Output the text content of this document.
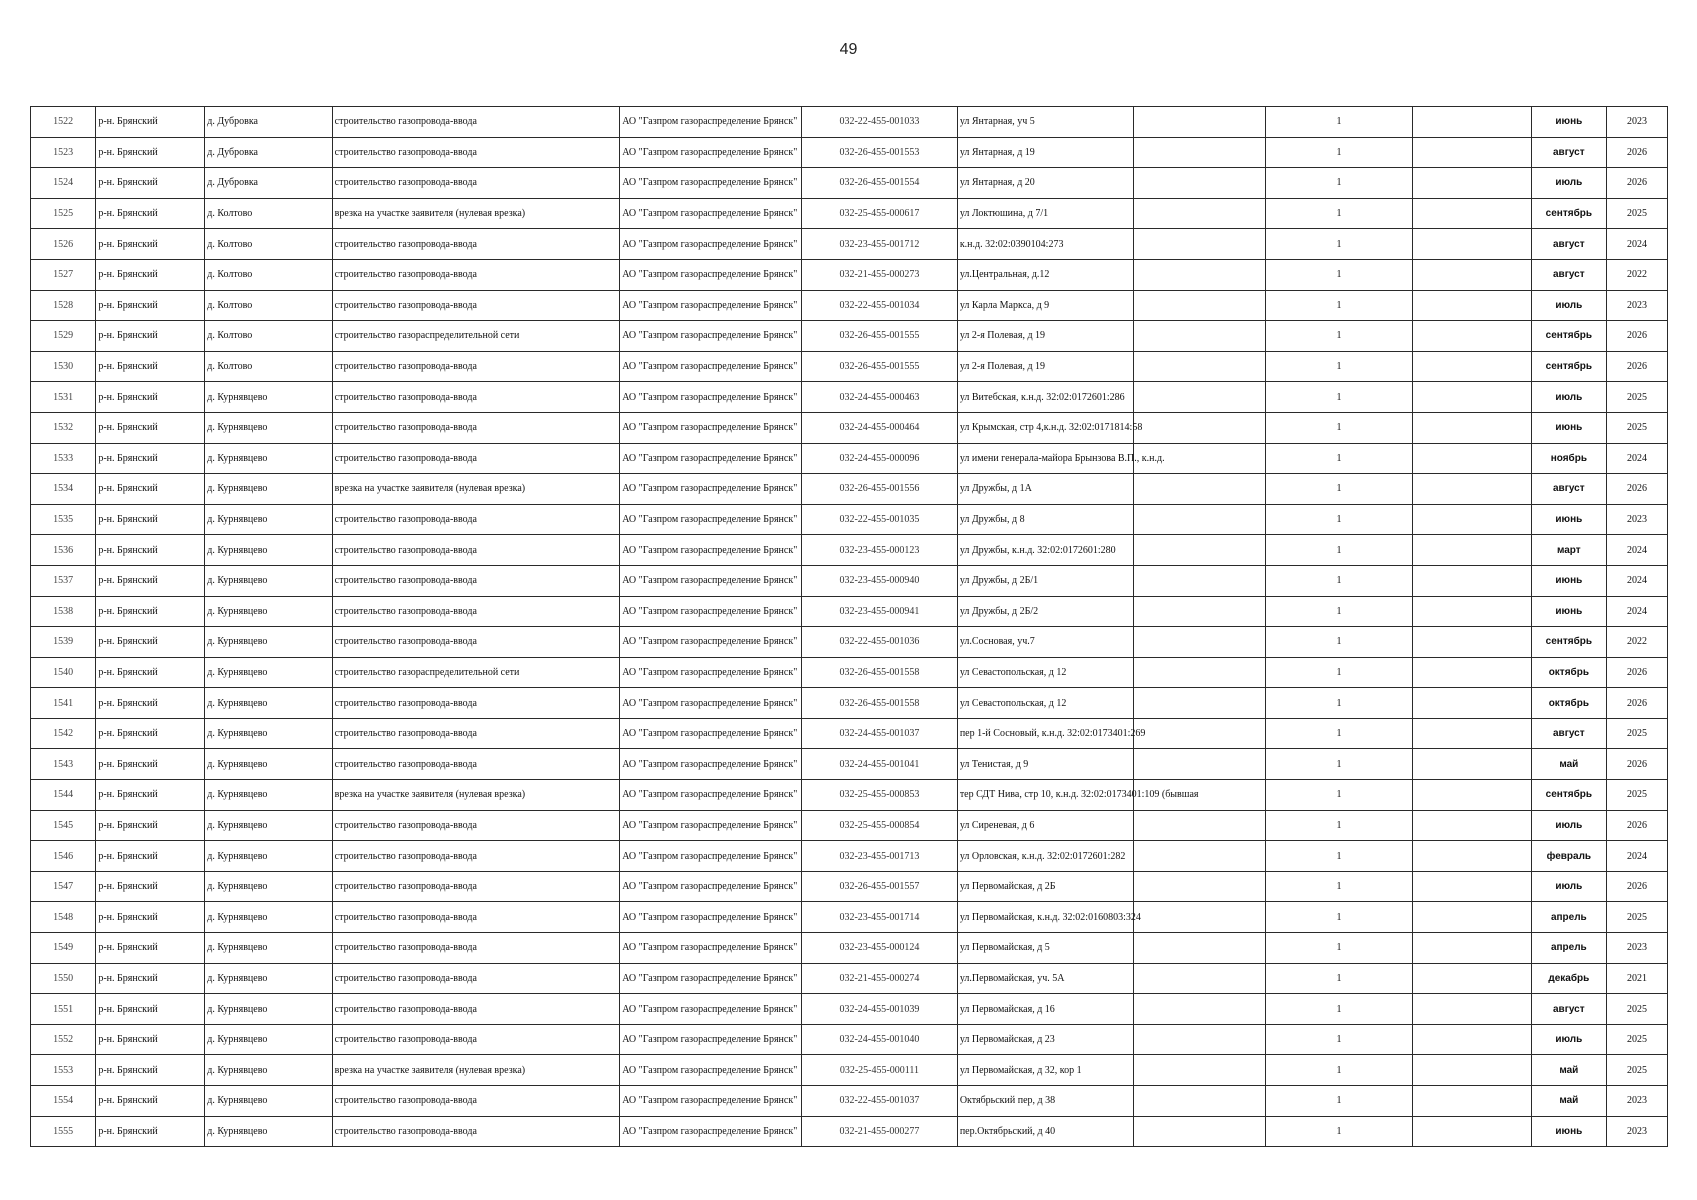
49
1522	р-н. Брянский	д. Дубровка	строительство газопровода-ввода	АО "Газпром газораспределение Брянск"	032-22-455-001033	ул Янтарная, уч 5		1		июнь	2023
1523	р-н. Брянский	д. Дубровка	строительство газопровода-ввода	АО "Газпром газораспределение Брянск"	032-26-455-001553	ул Янтарная, д 19		1		август	2026
1524	р-н. Брянский	д. Дубровка	строительство газопровода-ввода	АО "Газпром газораспределение Брянск"	032-26-455-001554	ул Янтарная, д 20		1		июль	2026
1525	р-н. Брянский	д. Колтово	врезка на участке заявителя (нулевая врезка)	АО "Газпром газораспределение Брянск"	032-25-455-000617	ул Локтюшина, д 7/1		1		сентябрь	2025
1526	р-н. Брянский	д. Колтово	строительство газопровода-ввода	АО "Газпром газораспределение Брянск"	032-23-455-001712	к.н.д. 32:02:0390104:273		1		август	2024
1527	р-н. Брянский	д. Колтово	строительство газопровода-ввода	АО "Газпром газораспределение Брянск"	032-21-455-000273	ул.Центральная, д.12		1		август	2022
1528	р-н. Брянский	д. Колтово	строительство газопровода-ввода	АО "Газпром газораспределение Брянск"	032-22-455-001034	ул Карла Маркса, д 9		1		июль	2023
1529	р-н. Брянский	д. Колтово	строительство газораспределительной сети	АО "Газпром газораспределение Брянск"	032-26-455-001555	ул 2-я Полевая, д 19		1		сентябрь	2026
1530	р-н. Брянский	д. Колтово	строительство газопровода-ввода	АО "Газпром газораспределение Брянск"	032-26-455-001555	ул 2-я Полевая, д 19		1		сентябрь	2026
1531	р-н. Брянский	д. Курнявцево	строительство газопровода-ввода	АО "Газпром газораспределение Брянск"	032-24-455-000463	ул Витебская, к.н.д. 32:02:0172601:286		1		июль	2025
1532	р-н. Брянский	д. Курнявцево	строительство газопровода-ввода	АО "Газпром газораспределение Брянск"	032-24-455-000464	ул Крымская, стр 4,к.н.д. 32:02:0171814:58		1		июнь	2025
1533	р-н. Брянский	д. Курнявцево	строительство газопровода-ввода	АО "Газпром газораспределение Брянск"	032-24-455-000096	ул имени генерала-майора Брынзова В.П., к.н.д.		1		ноябрь	2024
1534	р-н. Брянский	д. Курнявцево	врезка на участке заявителя (нулевая врезка)	АО "Газпром газораспределение Брянск"	032-26-455-001556	ул Дружбы, д 1А		1		август	2026
1535	р-н. Брянский	д. Курнявцево	строительство газопровода-ввода	АО "Газпром газораспределение Брянск"	032-22-455-001035	ул Дружбы, д 8		1		июнь	2023
1536	р-н. Брянский	д. Курнявцево	строительство газопровода-ввода	АО "Газпром газораспределение Брянск"	032-23-455-000123	ул Дружбы, к.н.д. 32:02:0172601:280		1		март	2024
1537	р-н. Брянский	д. Курнявцево	строительство газопровода-ввода	АО "Газпром газораспределение Брянск"	032-23-455-000940	ул Дружбы, д 2Б/1		1		июнь	2024
1538	р-н. Брянский	д. Курнявцево	строительство газопровода-ввода	АО "Газпром газораспределение Брянск"	032-23-455-000941	ул Дружбы, д 2Б/2		1		июнь	2024
1539	р-н. Брянский	д. Курнявцево	строительство газопровода-ввода	АО "Газпром газораспределение Брянск"	032-22-455-001036	ул.Сосновая, уч.7		1		сентябрь	2022
1540	р-н. Брянский	д. Курнявцево	строительство газораспределительной сети	АО "Газпром газораспределение Брянск"	032-26-455-001558	ул Севастопольская, д 12		1		октябрь	2026
1541	р-н. Брянский	д. Курнявцево	строительство газопровода-ввода	АО "Газпром газораспределение Брянск"	032-26-455-001558	ул Севастопольская, д 12		1		октябрь	2026
1542	р-н. Брянский	д. Курнявцево	строительство газопровода-ввода	АО "Газпром газораспределение Брянск"	032-24-455-001037	пер 1-й Сосновый, к.н.д. 32:02:0173401:269		1		август	2025
1543	р-н. Брянский	д. Курнявцево	строительство газопровода-ввода	АО "Газпром газораспределение Брянск"	032-24-455-001041	ул Тенистая, д 9		1		май	2026
1544	р-н. Брянский	д. Курнявцево	врезка на участке заявителя (нулевая врезка)	АО "Газпром газораспределение Брянск"	032-25-455-000853	тер СДТ Нива, стр 10, к.н.д. 32:02:0173401:109 (бывшая		1		сентябрь	2025
1545	р-н. Брянский	д. Курнявцево	строительство газопровода-ввода	АО "Газпром газораспределение Брянск"	032-25-455-000854	ул Сиреневая, д 6		1		июль	2026
1546	р-н. Брянский	д. Курнявцево	строительство газопровода-ввода	АО "Газпром газораспределение Брянск"	032-23-455-001713	ул Орловская, к.н.д. 32:02:0172601:282		1		февраль	2024
1547	р-н. Брянский	д. Курнявцево	строительство газопровода-ввода	АО "Газпром газораспределение Брянск"	032-26-455-001557	ул Первомайская, д 2Б		1		июль	2026
1548	р-н. Брянский	д. Курнявцево	строительство газопровода-ввода	АО "Газпром газораспределение Брянск"	032-23-455-001714	ул Первомайская, к.н.д. 32:02:0160803:324		1		апрель	2025
1549	р-н. Брянский	д. Курнявцево	строительство газопровода-ввода	АО "Газпром газораспределение Брянск"	032-23-455-000124	ул Первомайская, д 5		1		апрель	2023
1550	р-н. Брянский	д. Курнявцево	строительство газопровода-ввода	АО "Газпром газораспределение Брянск"	032-21-455-000274	ул.Первомайская, уч. 5А		1		декабрь	2021
1551	р-н. Брянский	д. Курнявцево	строительство газопровода-ввода	АО "Газпром газораспределение Брянск"	032-24-455-001039	ул Первомайская, д 16		1		август	2025
1552	р-н. Брянский	д. Курнявцево	строительство газопровода-ввода	АО "Газпром газораспределение Брянск"	032-24-455-001040	ул Первомайская, д 23		1		июль	2025
1553	р-н. Брянский	д. Курнявцево	врезка на участке заявителя (нулевая врезка)	АО "Газпром газораспределение Брянск"	032-25-455-000111	ул Первомайская, д 32, кор 1		1		май	2025
1554	р-н. Брянский	д. Курнявцево	строительство газопровода-ввода	АО "Газпром газораспределение Брянск"	032-22-455-001037	Октябрьский пер, д 38		1		май	2023
1555	р-н. Брянский	д. Курнявцево	строительство газопровода-ввода	АО "Газпром газораспределение Брянск"	032-21-455-000277	пер.Октябрьский, д 40		1		июнь	2023
